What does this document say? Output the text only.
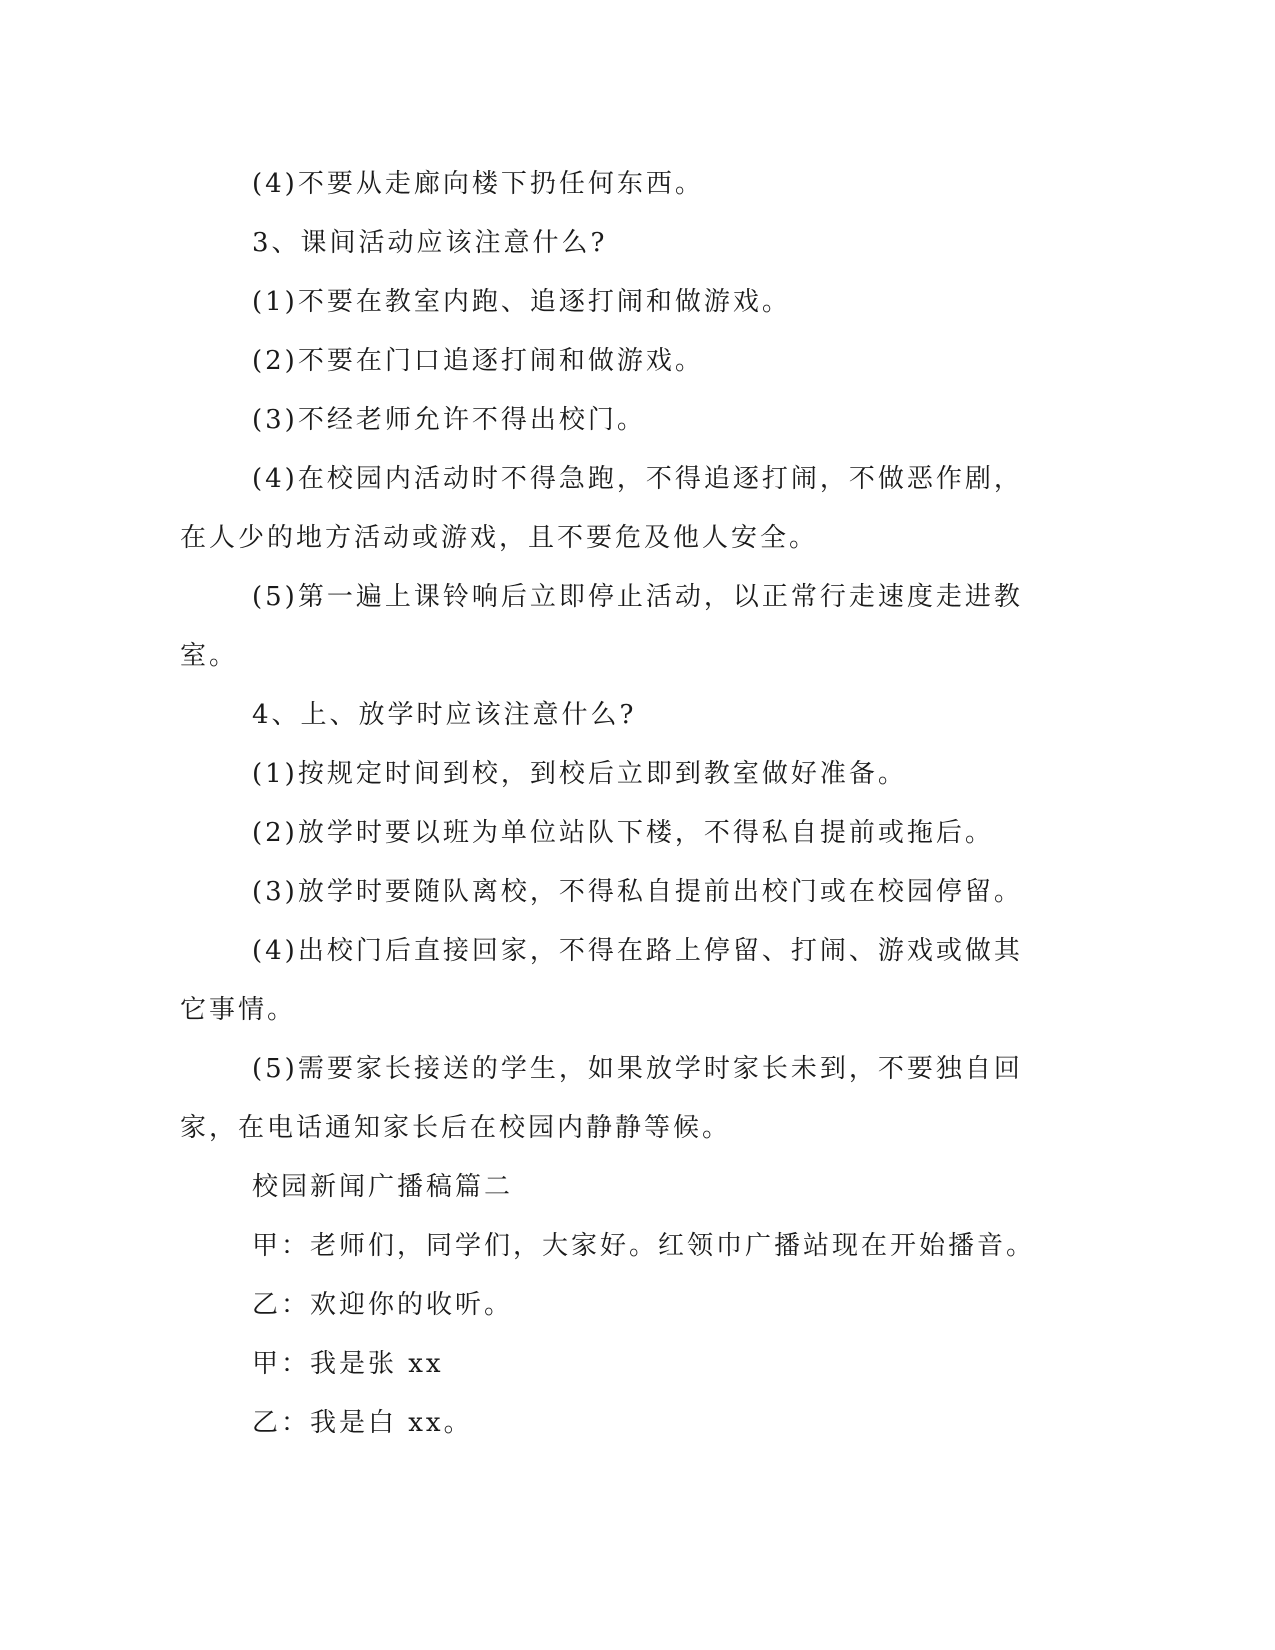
(4)不要从走廊向楼下扔任何东西。

3、课间活动应该注意什么?

(1)不要在教室内跑、追逐打闹和做游戏。

(2)不要在门口追逐打闹和做游戏。

(3)不经老师允许不得出校门。

(4)在校园内活动时不得急跑，不得追逐打闹，不做恶作剧，在人少的地方活动或游戏，且不要危及他人安全。

(5)第一遍上课铃响后立即停止活动，以正常行走速度走进教室。

4、上、放学时应该注意什么?

(1)按规定时间到校，到校后立即到教室做好准备。

(2)放学时要以班为单位站队下楼，不得私自提前或拖后。

(3)放学时要随队离校，不得私自提前出校门或在校园停留。

(4)出校门后直接回家，不得在路上停留、打闹、游戏或做其它事情。

(5)需要家长接送的学生，如果放学时家长未到，不要独自回家，在电话通知家长后在校园内静静等候。

校园新闻广播稿篇二

甲：老师们，同学们，大家好。红领巾广播站现在开始播音。

乙：欢迎你的收听。

甲：我是张 xx

乙：我是白 xx。
